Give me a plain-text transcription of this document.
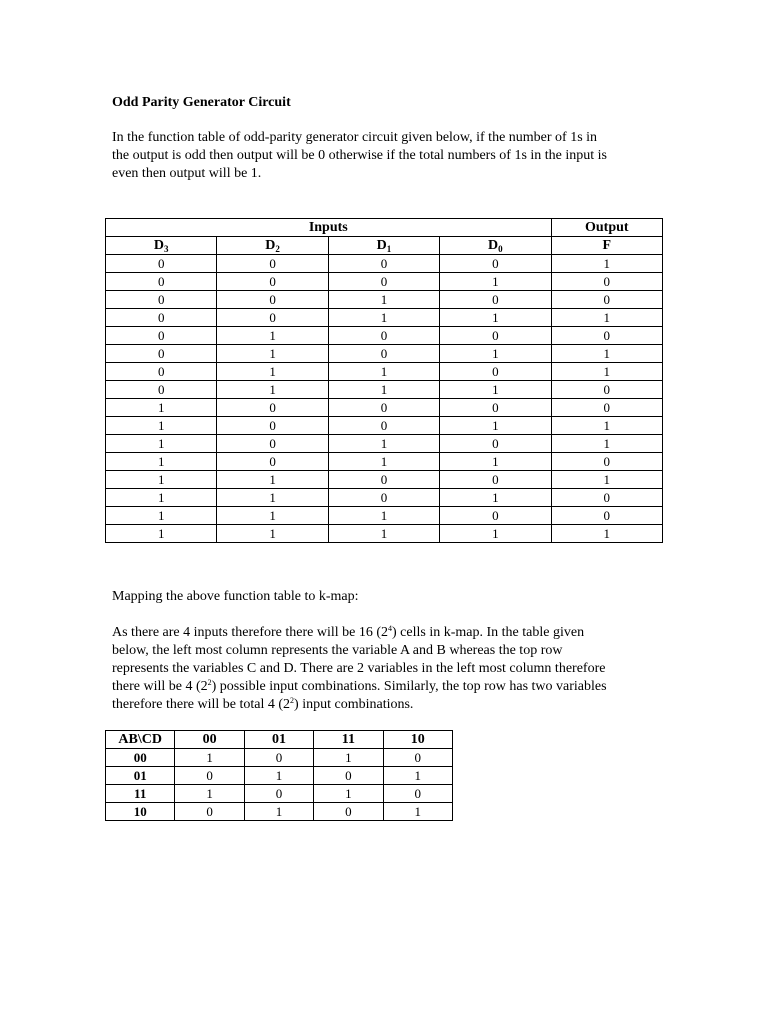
Odd Parity Generator Circuit
In the function table of odd-parity generator circuit given below, if the number of 1s in
the output is odd then output will be 0 otherwise if the total numbers of 1s in the input is
even then output will be 1.
Inputs				Output
$D_3$	$D_2$	$D_1$	$D_0$	F
0	0	0	0	1
0	0	0	1	0
0	0	1	0	0
0	0	1	1	1
0	1	0	0	0
0	1	0	1	1
0	1	1	0	1
0	1	1	1	0
1	0	0	0	0
1	0	0	1	1
1	0	1	0	1
1	0	1	1	0
1	1	0	0	1
1	1	0	1	0
1	1	1	0	0
1	1	1	1	1
Mapping the above function table to k-map:
As there are 4 inputs therefore there will be 16 $(2^4)$ cells in k-map. In the table given
below, the left most column represents the variable A and B whereas the top row
represents the variables C and D. There are 2 variables in the left most column therefore
there will be 4 $(2^2)$ possible input combinations. Similarly, the top row has two variables
therefore there will be total 4 $(2^2)$ input combinations.
AB\CD	00	01	11	10
00	1	0	1	0
01	0	1	0	1
11	1	0	1	0
10	0	1	0	1
